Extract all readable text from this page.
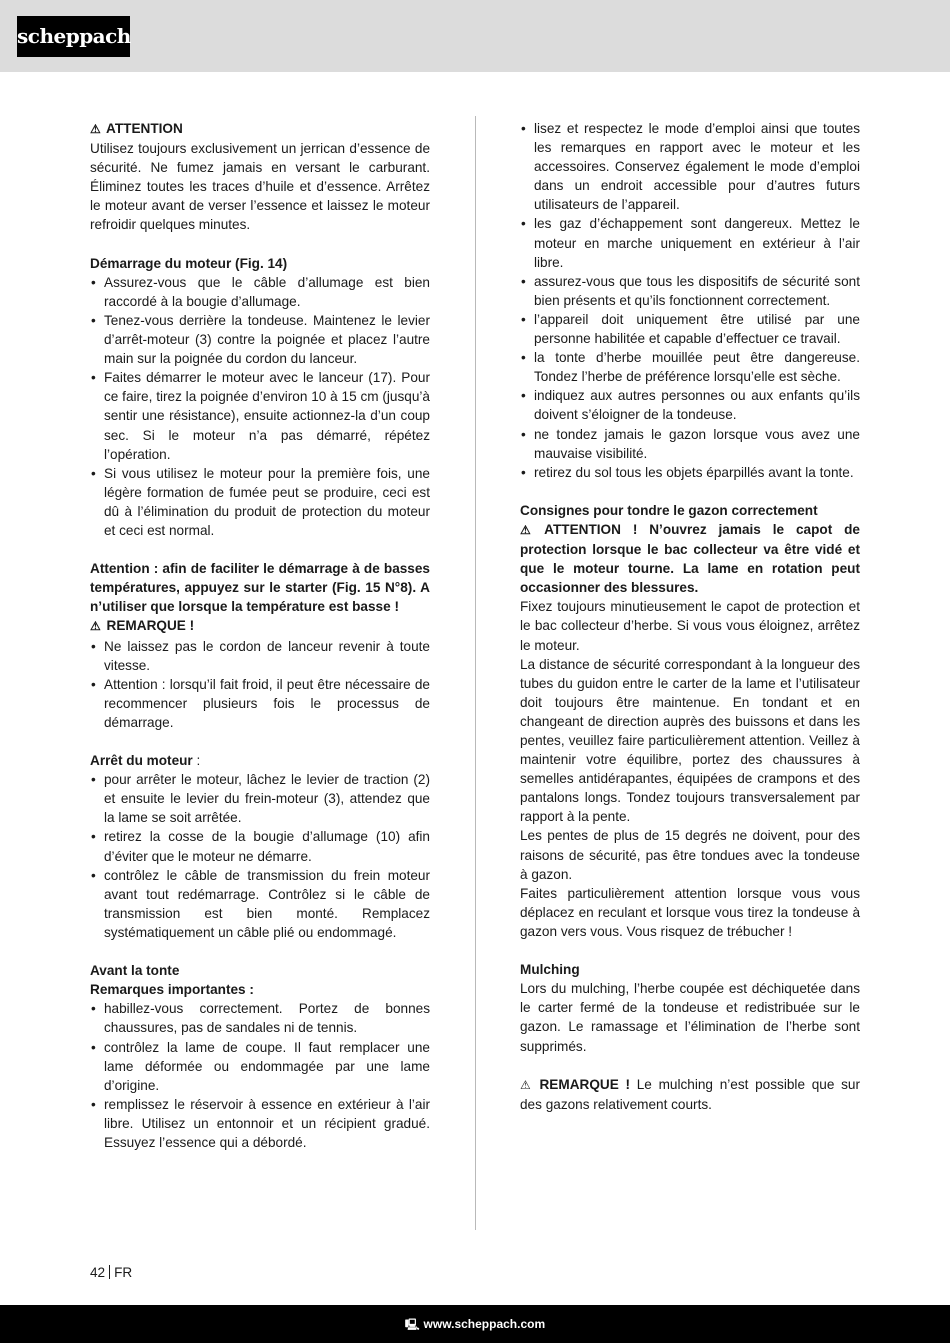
scheppach

⚠ ATTENTION

Utilisez toujours exclusivement un jerrican d’essence de sécurité. Ne fumez jamais en versant le carburant. Éliminez toutes les traces d’huile et d’essence. Arrêtez le moteur avant de verser l’essence et laissez le moteur refroidir quelques minutes.

Démarrage du moteur (Fig. 14)

• Assurez-vous que le câble d’allumage est bien raccordé à la bougie d’allumage.
• Tenez-vous derrière la tondeuse. Maintenez le levier d’arrêt-moteur (3) contre la poignée et placez l’autre main sur la poignée du cordon du lanceur.
• Faites démarrer le moteur avec le lanceur (17). Pour ce faire, tirez la poignée d’environ 10 à 15 cm (jusqu’à sentir une résistance), ensuite actionnez-la d’un coup sec. Si le moteur n’a pas démarré, répétez l’opération.
• Si vous utilisez le moteur pour la première fois, une légère formation de fumée peut se produire, ceci est dû à l’élimination du produit de protection du moteur et ceci est normal.

Attention : afin de faciliter le démarrage à de basses températures, appuyez sur le starter (Fig. 15 N°8). A n’utiliser que lorsque la température est basse !

⚠ REMARQUE !

• Ne laissez pas le cordon de lanceur revenir à toute vitesse.
• Attention : lorsqu’il fait froid, il peut être nécessaire de recommencer plusieurs fois le processus de démarrage.

Arrêt du moteur :

• pour arrêter le moteur, lâchez le levier de traction (2) et ensuite le levier du frein-moteur (3), attendez que la lame se soit arrêtée.
• retirez la cosse de la bougie d’allumage (10) afin d’éviter que le moteur ne démarre.
• contrôlez le câble de transmission du frein moteur avant tout redémarrage. Contrôlez si le câble de transmission est bien monté. Remplacez systématiquement un câble plié ou endommagé.

Avant la tonte

Remarques importantes :

• habillez-vous correctement. Portez de bonnes chaussures, pas de sandales ni de tennis.
• contrôlez la lame de coupe. Il faut remplacer une lame déformée ou endommagée par une lame d’origine.
• remplissez le réservoir à essence en extérieur à l’air libre. Utilisez un entonnoir et un récipient gradué. Essuyez l’essence qui a débordé.
• lisez et respectez le mode d’emploi ainsi que toutes les remarques en rapport avec le moteur et les accessoires. Conservez également le mode d’emploi dans un endroit accessible pour d’autres futurs utilisateurs de l’appareil.
• les gaz d’échappement sont dangereux. Mettez le moteur en marche uniquement en extérieur à l’air libre.
• assurez-vous que tous les dispositifs de sécurité sont bien présents et qu’ils fonctionnent correctement.
• l’appareil doit uniquement être utilisé par une personne habilitée et capable d’effectuer ce travail.
• la tonte d’herbe mouillée peut être dangereuse. Tondez l’herbe de préférence lorsqu’elle est sèche.
• indiquez aux autres personnes ou aux enfants qu’ils doivent s’éloigner de la tondeuse.
• ne tondez jamais le gazon lorsque vous avez une mauvaise visibilité.
• retirez du sol tous les objets éparpillés avant la tonte.

Consignes pour tondre le gazon correctement

⚠ ATTENTION ! N’ouvrez jamais le capot de protection lorsque le bac collecteur va être vidé et que le moteur tourne. La lame en rotation peut occasionner des blessures.

Fixez toujours minutieusement le capot de protection et le bac collecteur d’herbe. Si vous vous éloignez, arrêtez le moteur.

La distance de sécurité correspondant à la longueur des tubes du guidon entre le carter de la lame et l’utilisateur doit toujours être maintenue. En tondant et en changeant de direction auprès des buissons et dans les pentes, veuillez faire particulièrement attention. Veillez à maintenir votre équilibre, portez des chaussures à semelles antidérapantes, équipées de crampons et des pantalons longs. Tondez toujours transversalement par rapport à la pente.

Les pentes de plus de 15 degrés ne doivent, pour des raisons de sécurité, pas être tondues avec la tondeuse à gazon.

Faites particulièrement attention lorsque vous vous déplacez en reculant et lorsque vous tirez la tondeuse à gazon vers vous. Vous risquez de trébucher !

Mulching

Lors du mulching, l’herbe coupée est déchiquetée dans le carter fermé de la tondeuse et redistribuée sur le gazon. Le ramassage et l’élimination de l’herbe sont supprimés.

⚠ REMARQUE ! Le mulching n’est possible que sur des gazons relativement courts.

42 FR
🖳 www.scheppach.com
